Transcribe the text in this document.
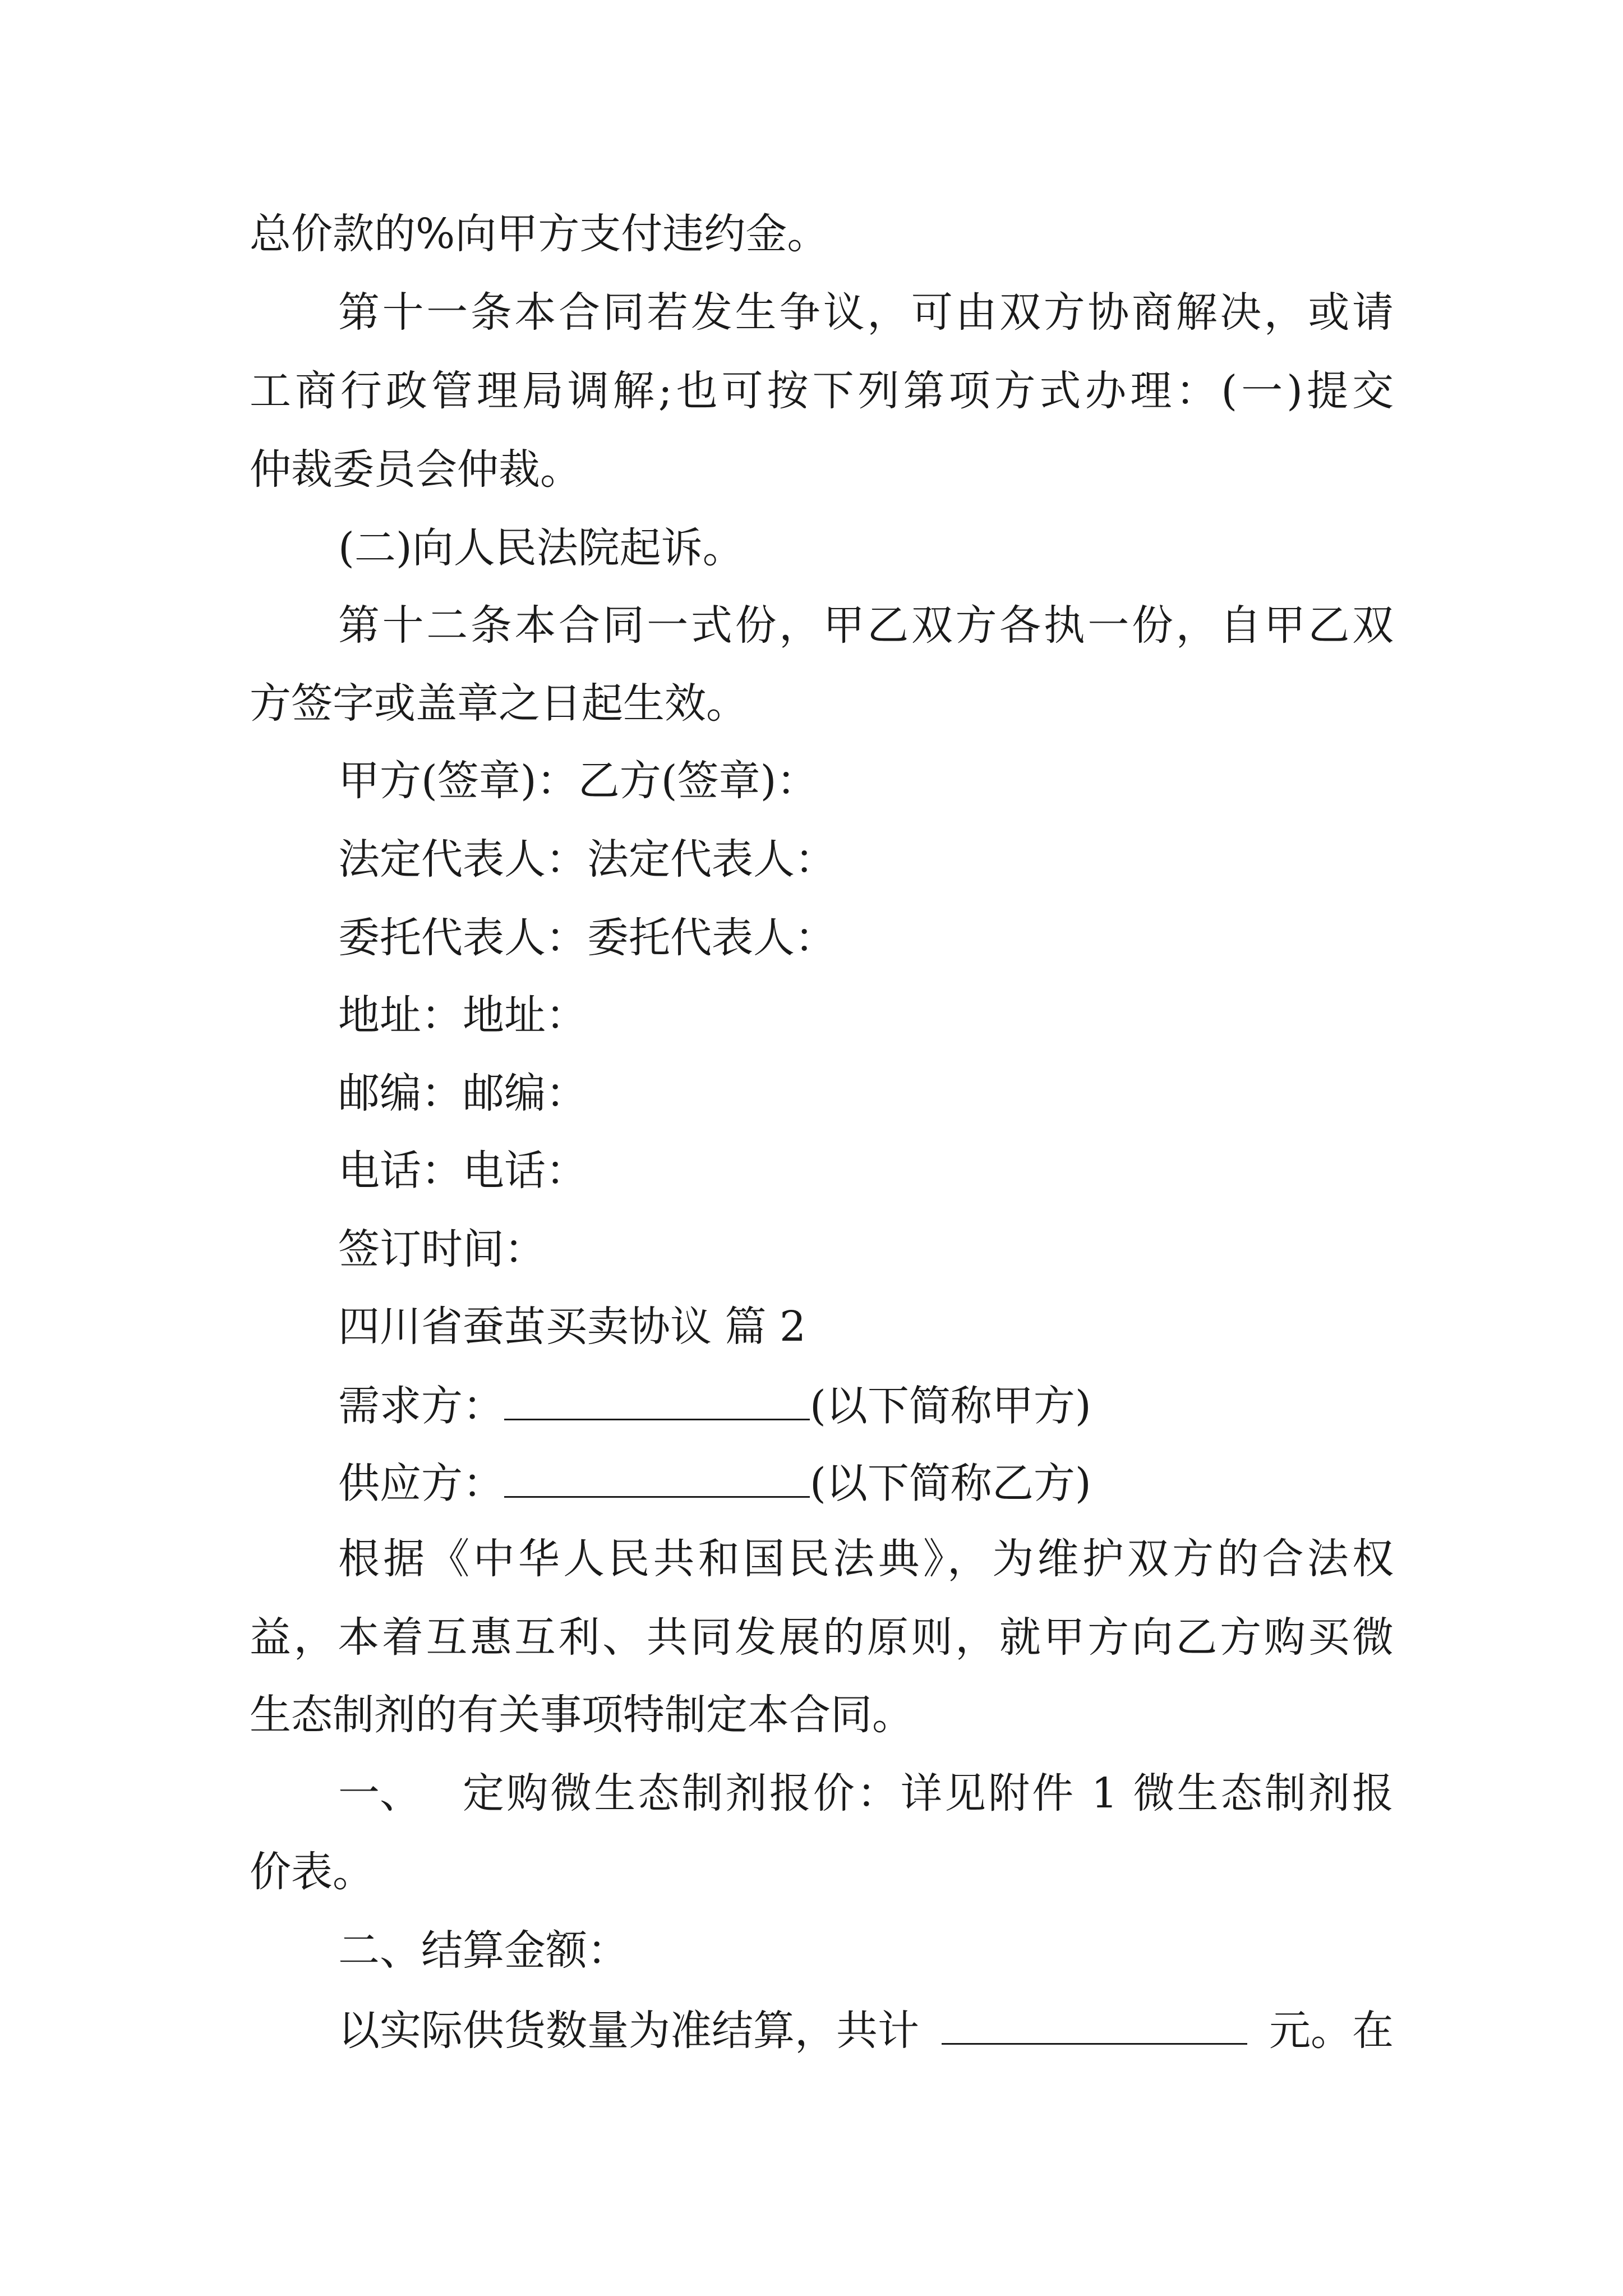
总价款的%向甲方支付违约金。
第十一条本合同若发生争议，可由双方协商解决，或请
工商行政管理局调解;也可按下列第项方式办理：(一)提交
仲裁委员会仲裁。
(二)向人民法院起诉。
第十二条本合同一式份，甲乙双方各执一份，自甲乙双
方签字或盖章之日起生效。
甲方(签章)：乙方(签章)：
法定代表人：法定代表人：
委托代表人：委托代表人：
地址：地址：
邮编：邮编：
电话：电话：
签订时间：
四川省蚕茧买卖协议 篇 2
需求方：	(以下简称甲方)
供应方：	(以下简称乙方)
根据《中华人民共和国民法典》，为维护双方的合法权
益，本着互惠互利、共同发展的原则，就甲方向乙方购买微
生态制剂的有关事项特制定本合同。
一、 定购微生态制剂报价：详见附件 1 微生态制剂报
价表。
二、结算金额：
以实际供货数量为准结算，共计	元。在
